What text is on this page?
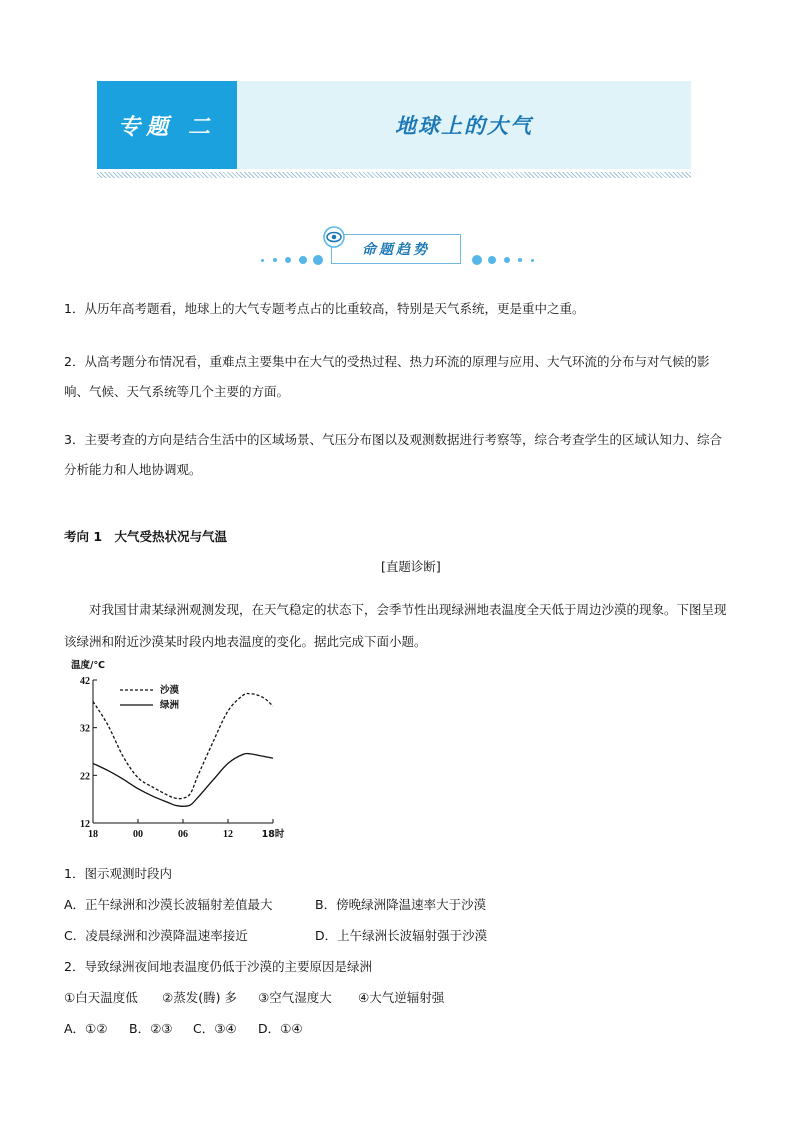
专题 二	地球上的大气
命题趋势
1．从历年高考题看，地球上的大气专题考点占的比重较高，特别是天气系统，更是重中之重。
2．从高考题分布情况看，重难点主要集中在大气的受热过程、热力环流的原理与应用、大气环流的分布与对气候的影响、气候、天气系统等几个主要的方面。
3．主要考查的方向是结合生活中的区域场景、气压分布图以及观测数据进行考察等，综合考查学生的区域认知力、综合分析能力和人地协调观。
考向 1　大气受热状况与气温
[直题诊断]
对我国甘肃某绿洲观测发现，在天气稳定的状态下，会季节性出现绿洲地表温度全天低于周边沙漠的现象。下图呈现该绿洲和附近沙漠某时段内地表温度的变化。据此完成下面小题。
温度/℃
42
32
22
12
18	00	06	12	18时
沙漠
绿洲
1．图示观测时段内
A．正午绿洲和沙漠长波辐射差值最大	B．傍晚绿洲降温速率大于沙漠
C．凌晨绿洲和沙漠降温速率接近	D．上午绿洲长波辐射强于沙漠
2．导致绿洲夜间地表温度仍低于沙漠的主要原因是绿洲
①白天温度低 ②蒸发(腾) 多 ③空气湿度大 ④大气逆辐射强
A．①② B．②③ C．③④ D．①④
